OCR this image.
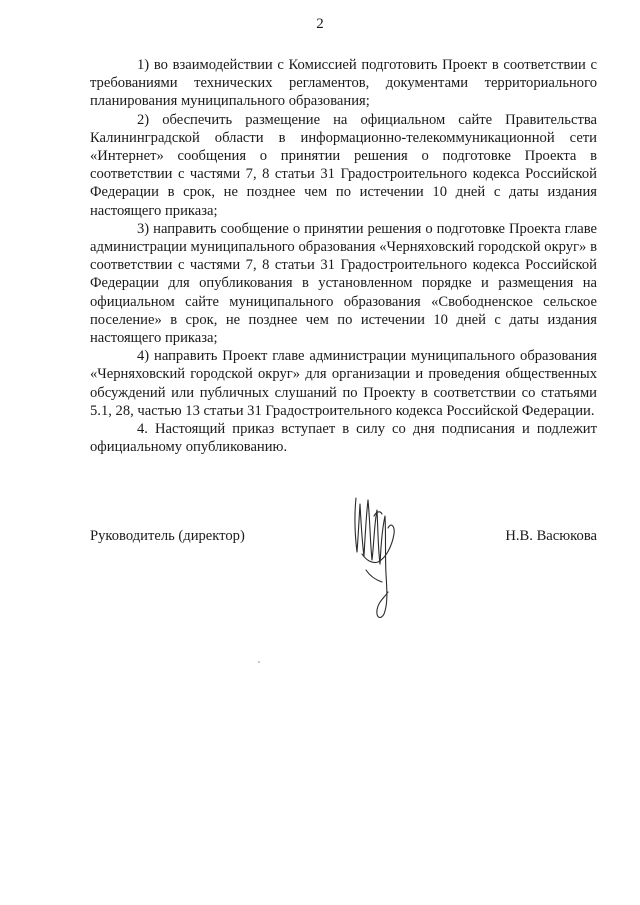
2

1) во взаимодействии с Комиссией подготовить Проект в соответствии с требованиями технических регламентов, документами территориального планирования муниципального образования;

2) обеспечить размещение на официальном сайте Правительства Калининградской области в информационно-телекоммуникационной сети «Интернет» сообщения о принятии решения о подготовке Проекта в соответствии с частями 7, 8 статьи 31 Градостроительного кодекса Российской Федерации в срок, не позднее чем по истечении 10 дней с даты издания настоящего приказа;

3) направить сообщение о принятии решения о подготовке Проекта главе администрации муниципального образования «Черняховский городской округ» в соответствии с частями 7, 8 статьи 31 Градостроительного кодекса Российской Федерации для опубликования в установленном порядке и размещения на официальном сайте муниципального образования «Свободненское сельское поселение» в срок, не позднее чем по истечении 10 дней с даты издания настоящего приказа;

4) направить Проект главе администрации муниципального образования «Черняховский городской округ» для организации и проведения общественных обсуждений или публичных слушаний по Проекту в соответствии со статьями 5.1, 28, частью 13 статьи 31 Градостроительного кодекса Российской Федерации.

4. Настоящий приказ вступает в силу со дня подписания и подлежит официальному опубликованию.

Руководитель (директор)	Н.В. Васюкова
